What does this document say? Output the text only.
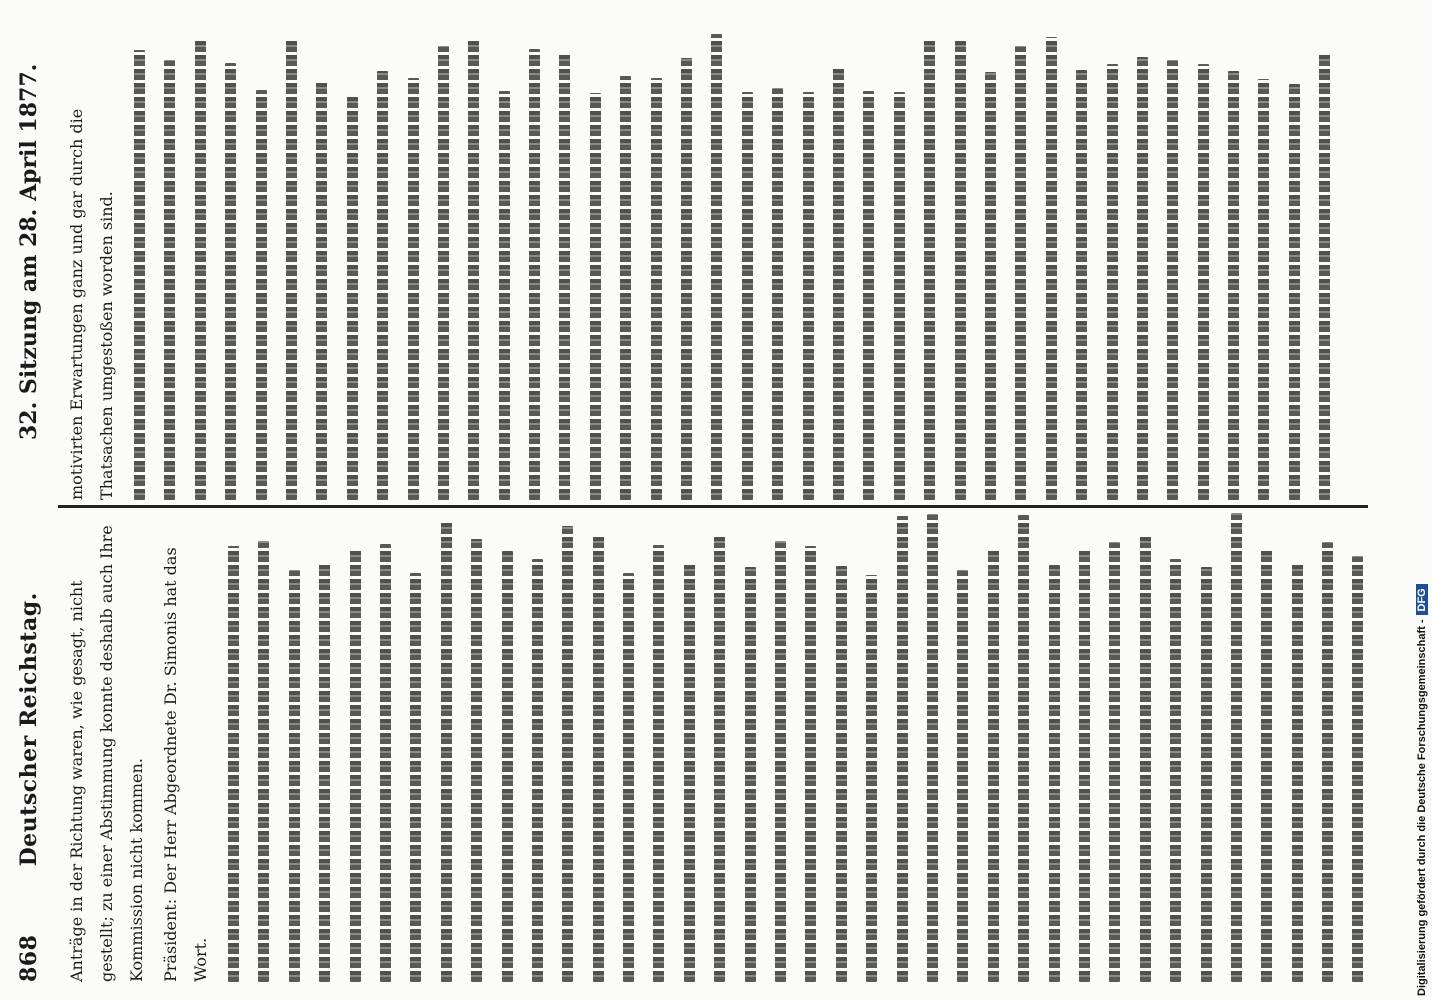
868 Deutscher Reichstag.
32. Sitzung am 28. April 1877.
Anträge in der Richtung waren, wie gesagt, nicht gestellt; zu einer Abstimmung konnte deshalb auch Ihre Kommission nicht kommen. Präsident: Der Herr Abgeordnete Dr. Simonis hat das Wort.
motivirten Erwartungen ganz und gar durch die Thatsachen umgestoßen worden sind.
Digitalisierung gefördert durch die Deutsche Forschungsgemeinschaft -DFG
